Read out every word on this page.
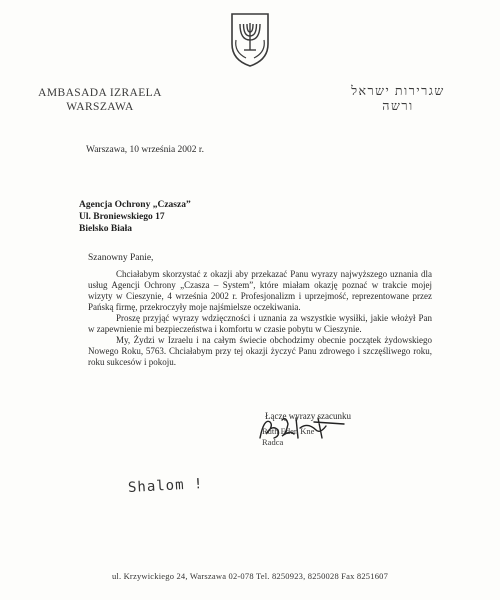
AMBASADA IZRAELA
WARSZAWA
שגרירות ישראל
ורשה
Warszawa, 10 września 2002 r.
Agencja Ochrony „Czasza”
Ul. Broniewskiego 17
Bielsko Biała
Szanowny Panie,

Chciałabym skorzystać z okazji aby przekazać Panu wyrazy najwyższego uznania dla usług Agencji Ochrony „Czasza – System”, które miałam okazję poznać w trakcie mojej wizyty w Cieszynie, 4 września 2002 r. Profesjonalizm i uprzejmość, reprezentowane przez Pańską firmę, przekroczyły moje najśmielsze oczekiwania.

Proszę przyjąć wyrazy wdzięczności i uznania za wszystkie wysiłki, jakie włożył Pan w zapewnienie mi bezpieczeństwa i komfortu w czasie pobytu w Cieszynie.

My, Żydzi w Izraelu i na całym świecie obchodzimy obecnie początek żydowskiego Nowego Roku, 5763. Chciałabym przy tej okazji życzyć Panu zdrowego i szczęśliwego roku, roku sukcesów i pokoju.

Łączę wyrazy szacunku
Ruth Eden Kne
Radca
Shalom !
ul. Krzywickiego 24, Warszawa 02-078 Tel. 8250923, 8250028 Fax 8251607
